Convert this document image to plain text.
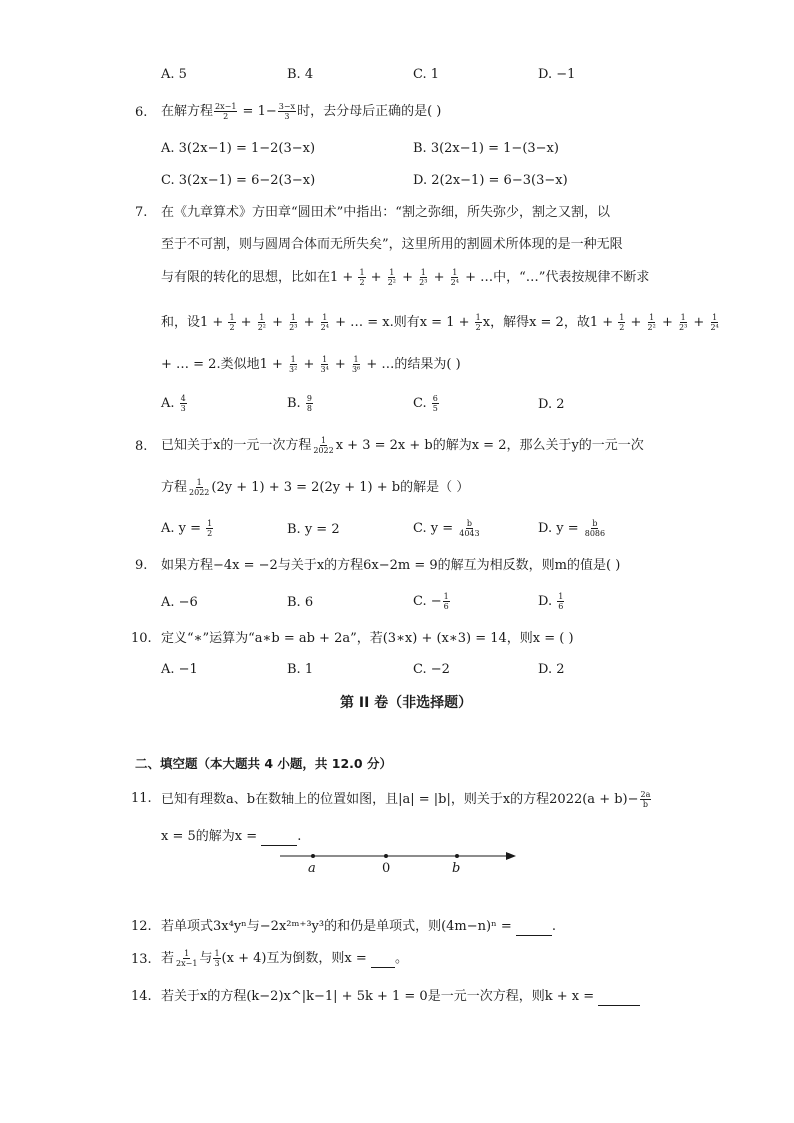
A. 5	B. 4	C. 1	D. −1
6. 在解方程 $\frac{2x-1}{2} = 1- \frac{3-x}{3}$ 时，去分母后正确的是( )
A. 3(2x−1) = 1−2(3−x)	B. 3(2x−1) = 1−(3−x)
C. 3(2x−1) = 6−2(3−x)	D. 2(2x−1) = 6−3(3−x)
7. 在《九章算术》方田章“圆田术”中指出：“割之弥细，所失弥少，割之又割，以
至于不可割，则与圆周合体而无所失矣”，这里所用的割圆术所体现的是一种无限
与有限的转化的思想，比如在$1 + \frac{1}{2} + \frac{1}{\text{2²}} + \frac{1}{\text{2³}} + \frac{1}{\text{2⁴}}$ + …中，“…”代表按规律不断求
和，设$1 + \frac{1}{2} + \frac{1}{\text{2²}} + \frac{1}{\text{2³}} + \frac{1}{\text{2⁴}}$ + … = x.则有$x = 1 + \frac{1}{2}$ x，解得x = 2，故$1 + \frac{1}{2} + \frac{1}{\text{2²}} + \frac{1}{\text{2³}} + \frac{1}{\text{2⁴}}$
+ … = 2.类似地$1 + \frac{1}{\text{3²}} + \frac{1}{\text{3⁴}} + \frac{1}{\text{3⁶}}$ + …的结果为( )
A. $\frac{4}{3}$	B. $\frac{9}{8}$	C. $\frac{6}{5}$	D. 2
8. 已知关于x的一元一次方程 $\frac{1}{2022}$ x + 3 = 2x + b的解为x = 2，那么关于y的一元一次
方程 $\frac{1}{2022} (2y + 1) + 3 = 2(2y + 1) + b$的解是（ ）
A. $y = \frac{1}{2}$	B. y = 2	C. $y = \frac{b}{4043}$	D. $y = \frac{b}{8086}$
9. 如果方程−4x = −2与关于x的方程6x−2m = 9的解互为相反数，则m的值是( )
A. −6	B. 6	C. − $\frac{1}{6}$	D. $\frac{1}{6}$
10. 定义“∗”运算为“a∗b = ab + 2a”，若(3∗x) + (x∗3) = 14，则x = ( )
A. −1	B. 1	C. −2	D. 2
第 II 卷（非选择题）
二、填空题（本大题共 4 小题，共 12.0 分）
11. 已知有理数a、b在数轴上的位置如图，且|a| = |b|，则关于x的方程$2022(a + b)- \frac{2a}{b}$
x = 5的解为x =	.
a	0	b
12. 若单项式3x⁴yⁿ与−2x²ᵐ⁺³y³的和仍是单项式，则(4m−n)ⁿ =	.
13. 若 $\frac{1}{2x-1}$ 与 $\frac{1}{3} (x + 4)$互为倒数，则x = 。
14. 若关于x的方程(k−2)x^|k−1| + 5k + 1 = 0是一元一次方程，则k + x =
